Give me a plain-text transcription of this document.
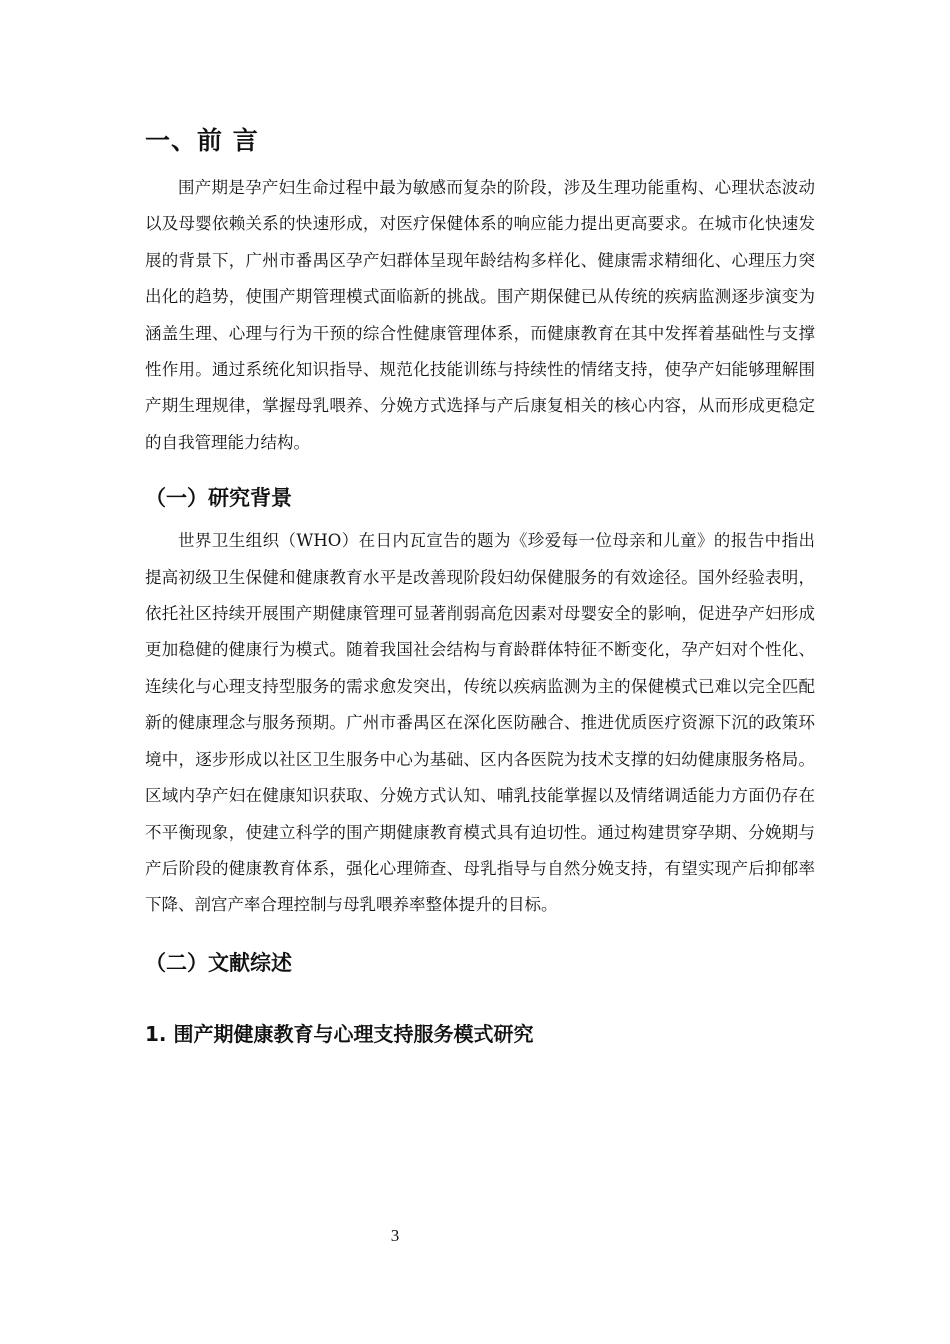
一、前 言

围产期是孕产妇生命过程中最为敏感而复杂的阶段，涉及生理功能重构、心理状态波动以及母婴依赖关系的快速形成，对医疗保健体系的响应能力提出更高要求。在城市化快速发展的背景下，广州市番禺区孕产妇群体呈现年龄结构多样化、健康需求精细化、心理压力突出化的趋势，使围产期管理模式面临新的挑战。围产期保健已从传统的疾病监测逐步演变为涵盖生理、心理与行为干预的综合性健康管理体系，而健康教育在其中发挥着基础性与支撑性作用。通过系统化知识指导、规范化技能训练与持续性的情绪支持，使孕产妇能够理解围产期生理规律，掌握母乳喂养、分娩方式选择与产后康复相关的核心内容，从而形成更稳定的自我管理能力结构。

（一）研究背景

世界卫生组织（WHO）在日内瓦宣告的题为《珍爱每一位母亲和儿童》的报告中指出提高初级卫生保健和健康教育水平是改善现阶段妇幼保健服务的有效途径。国外经验表明，依托社区持续开展围产期健康管理可显著削弱高危因素对母婴安全的影响，促进孕产妇形成更加稳健的健康行为模式。随着我国社会结构与育龄群体特征不断变化，孕产妇对个性化、连续化与心理支持型服务的需求愈发突出，传统以疾病监测为主的保健模式已难以完全匹配新的健康理念与服务预期。广州市番禺区在深化医防融合、推进优质医疗资源下沉的政策环境中，逐步形成以社区卫生服务中心为基础、区内各医院为技术支撑的妇幼健康服务格局。区域内孕产妇在健康知识获取、分娩方式认知、哺乳技能掌握以及情绪调适能力方面仍存在不平衡现象，使建立科学的围产期健康教育模式具有迫切性。通过构建贯穿孕期、分娩期与产后阶段的健康教育体系，强化心理筛查、母乳指导与自然分娩支持，有望实现产后抑郁率下降、剖宫产率合理控制与母乳喂养率整体提升的目标。

（二）文献综述
1. 围产期健康教育与心理支持服务模式研究
3
